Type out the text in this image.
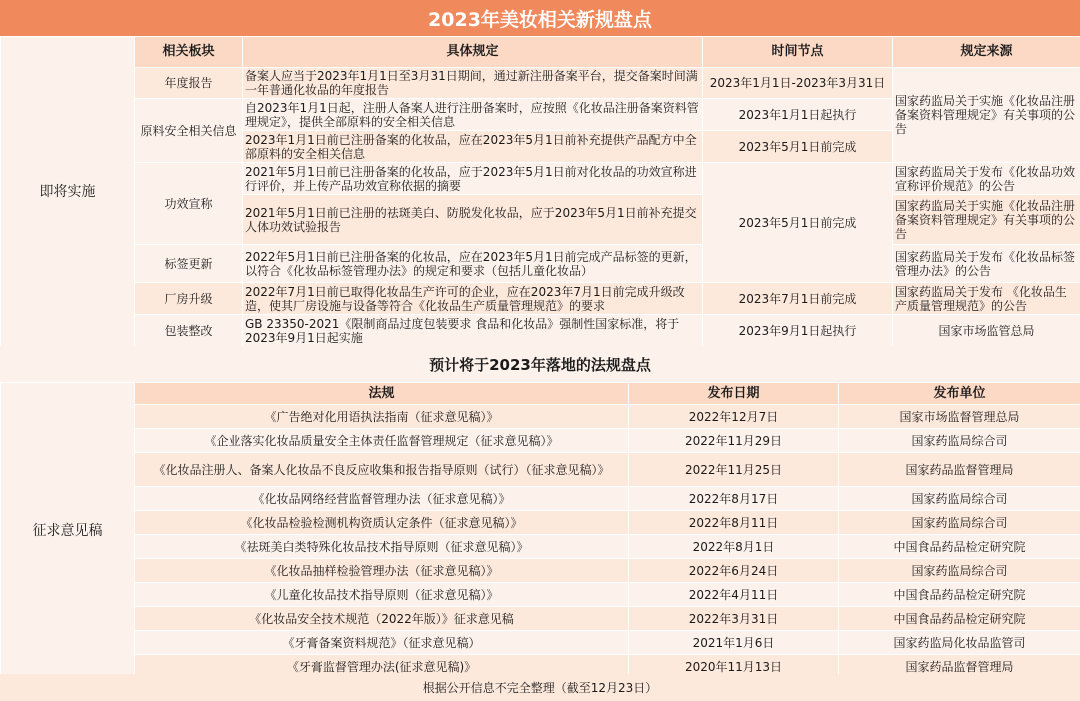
2023年美妆相关新规盘点
即将实施	相关板块	具体规定	时间节点	规定来源
	年度报告	备案人应当于2023年1月1日至3月31日期间，通过新注册备案平台，提交备案时间满一年普通化妆品的年度报告	2023年1月1日-2023年3月31日	国家药监局关于实施《化妆品注册备案资料管理规定》有关事项的公告
	原料安全相关信息	自2023年1月1日起，注册人备案人进行注册备案时，应按照《化妆品注册备案资料管理规定》，提供全部原料的安全相关信息	2023年1月1日起执行	
		2023年1月1日前已注册备案的化妆品，应在2023年5月1日前补充提供产品配方中全部原料的安全相关信息	2023年5月1日前完成	
	功效宣称	2021年5月1日前已注册备案的化妆品，应于2023年5月1日前对化妆品的功效宣称进行评价，并上传产品功效宣称依据的摘要	2023年5月1日前完成	国家药监局关于发布《化妆品功效宣称评价规范》的公告
		2021年5月1日前已注册的祛斑美白、防脱发化妆品，应于2023年5月1日前补充提交人体功效试验报告		国家药监局关于实施《化妆品注册备案资料管理规定》有关事项的公告
	标签更新	2022年5月1日前已注册备案的化妆品，应在2023年5月1日前完成产品标签的更新，以符合《化妆品标签管理办法》的规定和要求（包括儿童化妆品）		国家药监局关于发布《化妆品标签管理办法》的公告
	厂房升级	2022年7月1日前已取得化妆品生产许可的企业，应在2023年7月1日前完成升级改造，使其厂房设施与设备等符合《化妆品生产质量管理规范》的要求	2023年7月1日前完成	国家药监局关于发布 《化妆品生产质量管理规范》的公告
	包装整改	GB 23350-2021《限制商品过度包装要求 食品和化妆品》强制性国家标准，将于2023年9月1日起实施	2023年9月1日起执行	国家市场监管总局
预计将于2023年落地的法规盘点
征求意见稿	法规	发布日期	发布单位
	《广告绝对化用语执法指南（征求意见稿）》	2022年12月7日	国家市场监督管理总局
	《企业落实化妆品质量安全主体责任监督管理规定（征求意见稿）》	2022年11月29日	国家药监局综合司
	《化妆品注册人、备案人化妆品不良反应收集和报告指导原则（试行）（征求意见稿）》	2022年11月25日	国家药品监督管理局
	《化妆品网络经营监督管理办法（征求意见稿）》	2022年8月17日	国家药监局综合司
	《化妆品检验检测机构资质认定条件（征求意见稿）》	2022年8月11日	国家药监局综合司
	《祛斑美白类特殊化妆品技术指导原则（征求意见稿）》	2022年8月1日	中国食品药品检定研究院
	《化妆品抽样检验管理办法（征求意见稿）》	2022年6月24日	国家药监局综合司
	《儿童化妆品技术指导原则（征求意见稿）》	2022年4月11日	中国食品药品检定研究院
	《化妆品安全技术规范（2022年版）》征求意见稿	2022年3月31日	中国食品药品检定研究院
	《牙膏备案资料规范》（征求意见稿）	2021年1月6日	国家药监局化妆品监管司
	《牙膏监督管理办法(征求意见稿)》	2020年11月13日	国家药品监督管理局
根据公开信息不完全整理（截至12月23日）
